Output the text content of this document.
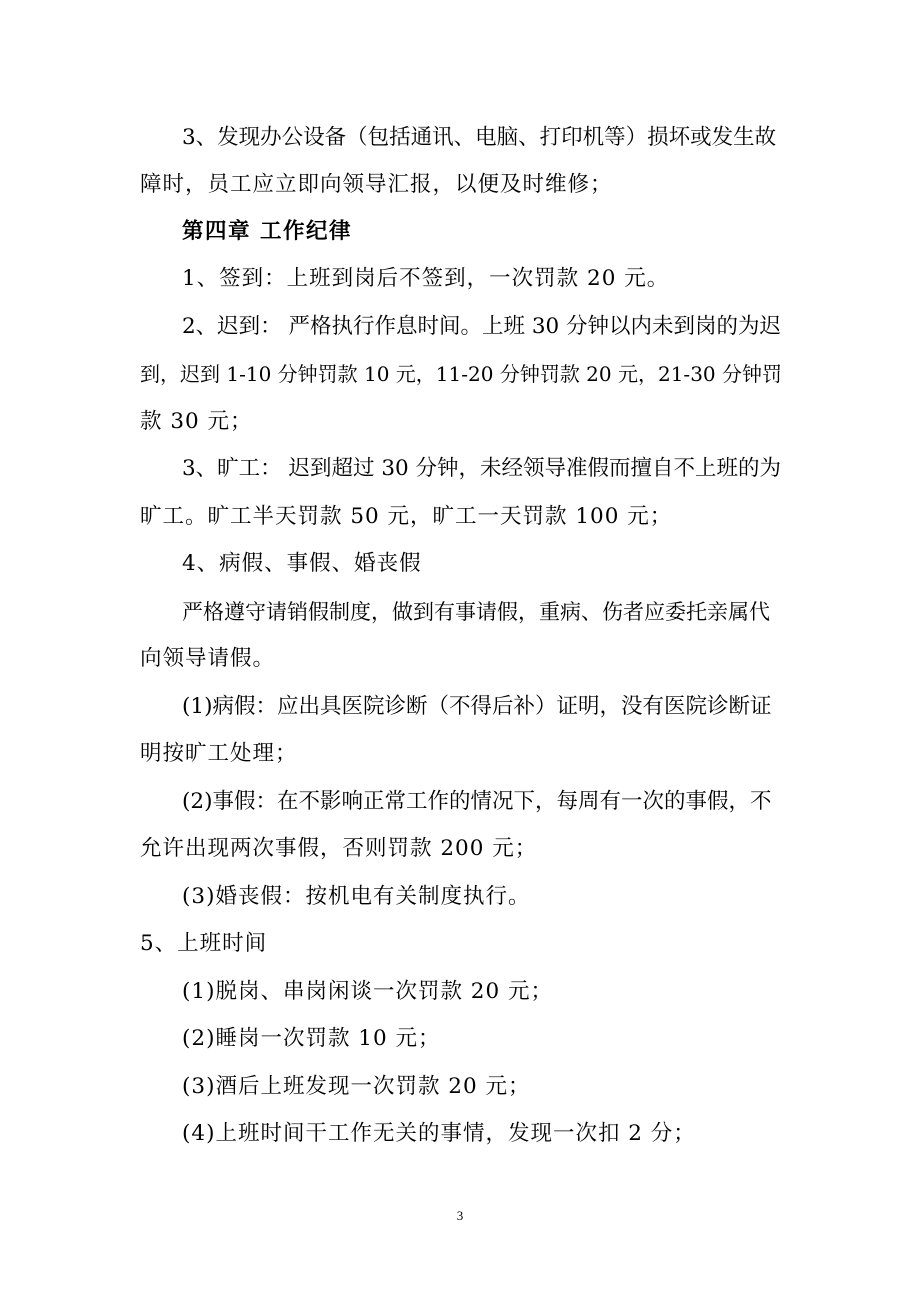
3、发现办公设备（包括通讯、电脑、打印机等）损坏或发生故
障时，员工应立即向领导汇报，以便及时维修；
第四章 工作纪律
1、签到：上班到岗后不签到，一次罚款 20 元。
2、迟到： 严格执行作息时间。上班 30 分钟以内未到岗的为迟
到，迟到 1-10 分钟罚款 10 元，11-20 分钟罚款 20 元，21-30 分钟罚
款 30 元；
3、旷工： 迟到超过 30 分钟，未经领导准假而擅自不上班的为
旷工。旷工半天罚款 50 元，旷工一天罚款 100 元；
4、病假、事假、婚丧假
严格遵守请销假制度，做到有事请假，重病、伤者应委托亲属代
向领导请假。
(1)病假：应出具医院诊断（不得后补）证明，没有医院诊断证
明按旷工处理；
(2)事假：在不影响正常工作的情况下，每周有一次的事假，不
允许出现两次事假，否则罚款 200 元；
(3)婚丧假：按机电有关制度执行。
5、上班时间
(1)脱岗、串岗闲谈一次罚款 20 元；
(2)睡岗一次罚款 10 元；
(3)酒后上班发现一次罚款 20 元；
(4)上班时间干工作无关的事情，发现一次扣 2 分；
3
